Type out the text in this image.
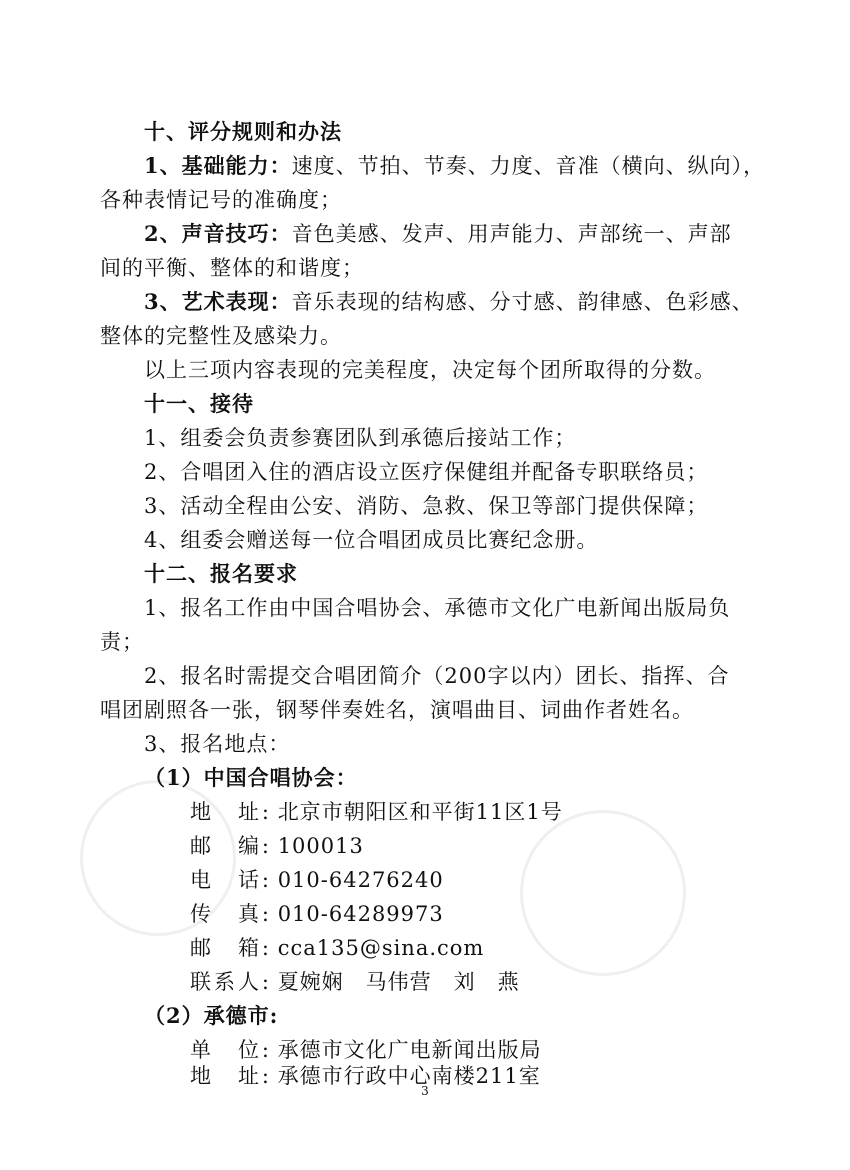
十、评分规则和办法
1、基础能力：速度、节拍、节奏、力度、音准（横向、纵向），
各种表情记号的准确度；
2、声音技巧：音色美感、发声、用声能力、声部统一、声部
间的平衡、整体的和谐度；
3、艺术表现：音乐表现的结构感、分寸感、韵律感、色彩感、
整体的完整性及感染力。
以上三项内容表现的完美程度，决定每个团所取得的分数。
十一、接待
1、组委会负责参赛团队到承德后接站工作；
2、合唱团入住的酒店设立医疗保健组并配备专职联络员；
3、活动全程由公安、消防、急救、保卫等部门提供保障；
4、组委会赠送每一位合唱团成员比赛纪念册。
十二、报名要求
1、报名工作由中国合唱协会、承德市文化广电新闻出版局负
责；
2、报名时需提交合唱团简介（200字以内）团长、指挥、合
唱团剧照各一张，钢琴伴奏姓名，演唱曲目、词曲作者姓名。
3、报名地点：
（1）中国合唱协会：
地　址: 北京市朝阳区和平街11区1号
邮　编: 100013
电　话: 010-64276240
传　真: 010-64289973
邮　箱: cca135@sina.com
联系人: 夏婉娴　马伟营　刘　燕
（2）承德市:
单　位: 承德市文化广电新闻出版局
地　址: 承德市行政中心南楼211室
3
